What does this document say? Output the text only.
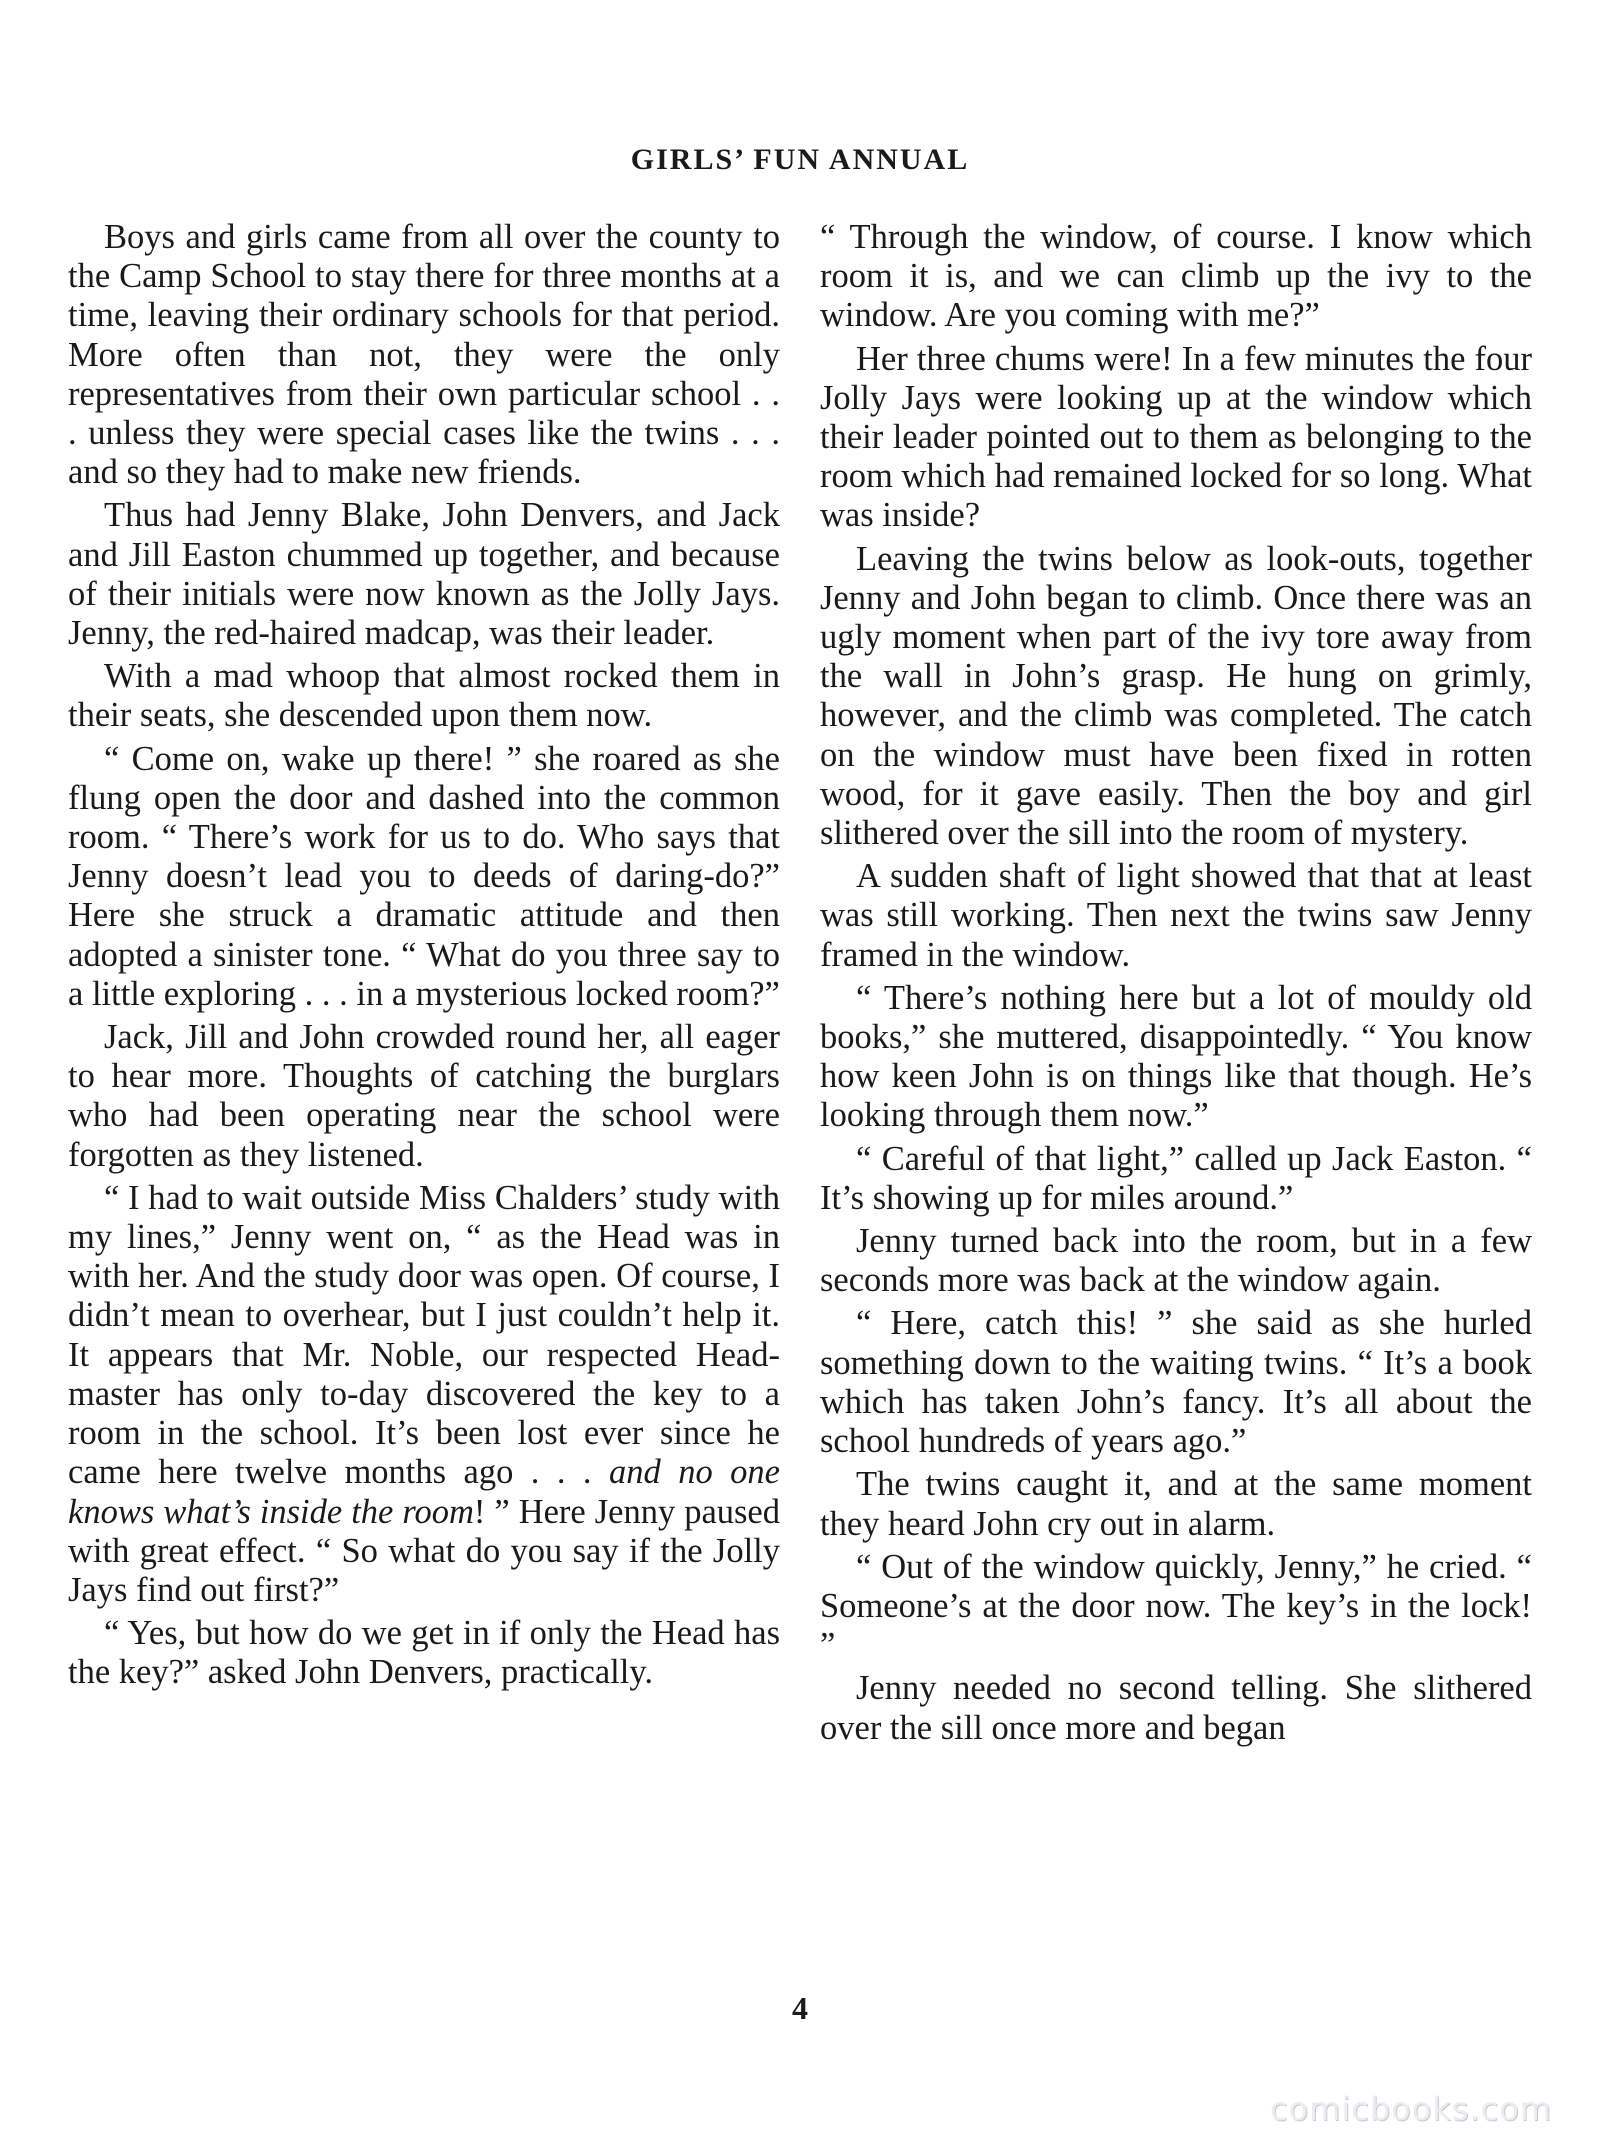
GIRLS’ FUN ANNUAL

Boys and girls came from all over the county to the Camp School to stay there for three months at a time, leaving their ordinary schools for that period. More often than not, they were the only representatives from their own particular school . . . unless they were special cases like the twins . . . and so they had to make new friends.

Thus had Jenny Blake, John Denvers, and Jack and Jill Easton chummed up together, and because of their initials were now known as the Jolly Jays. Jenny, the red-haired madcap, was their leader.

With a mad whoop that almost rocked them in their seats, she descended upon them now.

“ Come on, wake up there! ” she roared as she flung open the door and dashed into the common room. “ There’s work for us to do. Who says that Jenny doesn’t lead you to deeds of daring-do?” Here she struck a dramatic attitude and then adopted a sinister tone. “ What do you three say to a little exploring . . . in a mysterious locked room?”

Jack, Jill and John crowded round her, all eager to hear more. Thoughts of catching the burglars who had been operating near the school were forgotten as they listened.

“ I had to wait outside Miss Chalders’ study with my lines,” Jenny went on, “ as the Head was in with her. And the study door was open. Of course, I didn’t mean to overhear, but I just couldn’t help it. It appears that Mr. Noble, our respected Headmaster has only to-day discovered the key to a room in the school. It’s been lost ever since he came here twelve months ago . . . and no one knows what’s inside the room! ” Here Jenny paused with great effect. “ So what do you say if the Jolly Jays find out first?”

“ Yes, but how do we get in if only the Head has the key?” asked John Denvers, practically.

“ Through the window, of course. I know which room it is, and we can climb up the ivy to the window. Are you coming with me?”

Her three chums were! In a few minutes the four Jolly Jays were looking up at the window which their leader pointed out to them as belonging to the room which had remained locked for so long. What was inside?

Leaving the twins below as look-outs, together Jenny and John began to climb. Once there was an ugly moment when part of the ivy tore away from the wall in John’s grasp. He hung on grimly, however, and the climb was completed. The catch on the window must have been fixed in rotten wood, for it gave easily. Then the boy and girl slithered over the sill into the room of mystery.

A sudden shaft of light showed that that at least was still working. Then next the twins saw Jenny framed in the window.

“ There’s nothing here but a lot of mouldy old books,” she muttered, disappointedly. “ You know how keen John is on things like that though. He’s looking through them now.”

“ Careful of that light,” called up Jack Easton. “ It’s showing up for miles around.”

Jenny turned back into the room, but in a few seconds more was back at the window again.

“ Here, catch this! ” she said as she hurled something down to the waiting twins. “ It’s a book which has taken John’s fancy. It’s all about the school hundreds of years ago.”

The twins caught it, and at the same moment they heard John cry out in alarm.

“ Out of the window quickly, Jenny,” he cried. “ Someone’s at the door now. The key’s in the lock! ”

Jenny needed no second telling. She slithered over the sill once more and began

4
comicbooks.com
